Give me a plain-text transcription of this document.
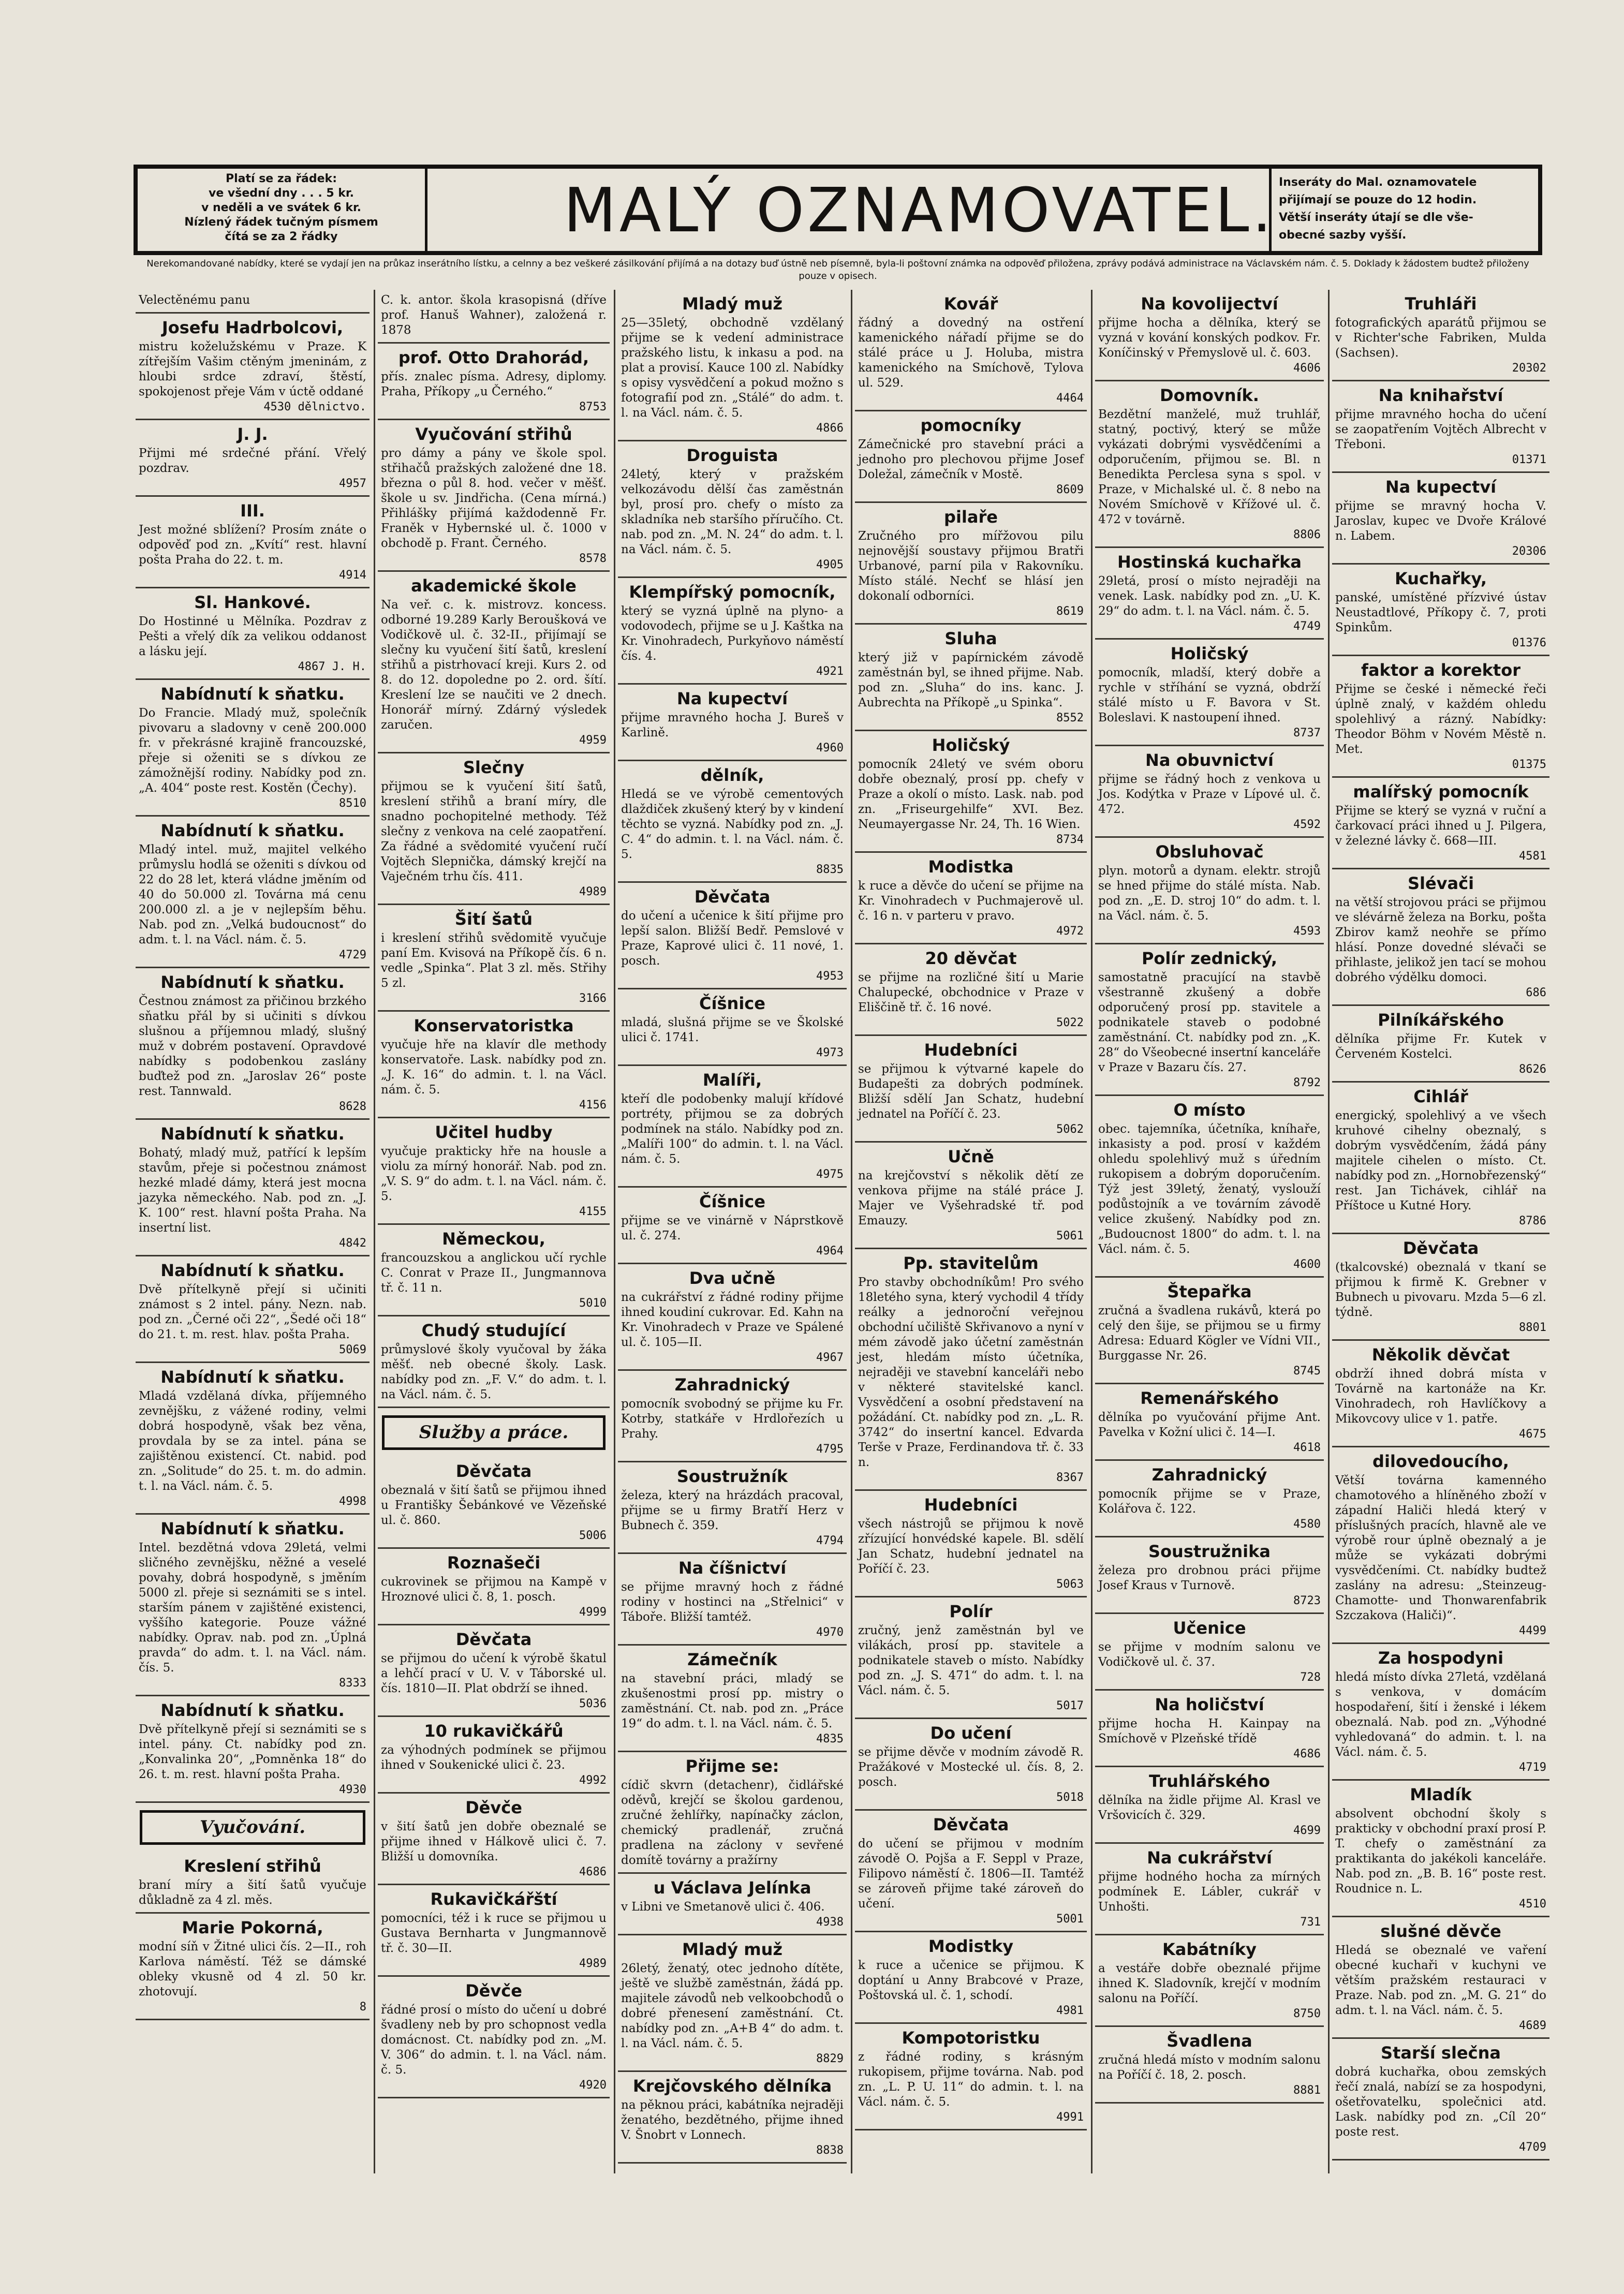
Platí se za řádek:
ve všední dny . . . 5 kr.
v neděli a ve svátek 6 kr.
Nízlený řádek tučným písmem
čítá se za 2 řádky	MALÝ OZNAMOVATEL. Inseráty do Mal. oznamovatele
přijímají se pouze do 12 hodin.
Větší inseráty útají se dle vše-
obecné sazby vyšší.
Nerekomandované nabídky, které se vydají jen na průkaz inserátního lístku, a celnny a bez veškeré zásilkování přijímá a na dotazy buď ústně neb písemně, byla-li poštovní známka na odpověď přiložena, zprávy podává administrace na Václavském nám. č. 5. Doklady k žádostem budtež přiloženy pouze v opisech.
Velectěnému panu
Josefu Hadrbolcovi,
mistru koželužskému v Praze. K zítřejším Vašim ctěným jmeninám, z hloubi srdce zdraví, štěstí, spokojenost přeje Vám v úctě oddané
4530 dělnictvo.
J. J.
Přijmi mé srdečné přání. Vřelý pozdrav.
4957
III.
Jest možné sblížení? Prosím znáte o odpověď pod zn. „Kvítí“ rest. hlavní pošta Praha do 22. t. m.
4914
Sl. Hankové.
Do Hostinné u Mělníka. Pozdrav z Pešti a vřelý dík za velikou oddanost a lásku její.
4867 J. H.
Nabídnutí k sňatku.
Do Francie. Mladý muž, společník pivovaru a sladovny v ceně 200.000 fr. v překrásné krajině francouzské, přeje si oženiti se s dívkou ze zámožnější rodiny. Nabídky pod zn. „A. 404“ poste rest. Kostěn (Čechy).
8510
Nabídnutí k sňatku.
Mladý intel. muž, majitel velkého průmyslu hodlá se oženiti s dívkou od 22 do 28 let, která vládne jměním od 40 do 50.000 zl. Továrna má cenu 200.000 zl. a je v nejlepším běhu. Nab. pod zn. „Velká budoucnost“ do adm. t. l. na Václ. nám. č. 5.
4729
Nabídnutí k sňatku.
Čestnou známost za přičinou brzkého sňatku přál by si učiniti s dívkou slušnou a příjemnou mladý, slušný muž v dobrém postavení. Opravdové nabídky s podobenkou zaslány buďtež pod zn. „Jaroslav 26“ poste rest. Tannwald.
8628
Nabídnutí k sňatku.
Bohatý, mladý muž, patřící k lepším stavům, přeje si počestnou známost hezké mladé dámy, která jest mocna jazyka německého. Nab. pod zn. „J. K. 100“ rest. hlavní pošta Praha. Na insertní list.
4842
Nabídnutí k sňatku.
Dvě přítelkyně přejí si učiniti známost s 2 intel. pány. Nezn. nab. pod zn. „Černé oči 22“, „Šedé oči 18“ do 21. t. m. rest. hlav. pošta Praha.
5069
Nabídnutí k sňatku.
Mladá vzdělaná dívka, příjemného zevnějšku, z vážené rodiny, velmi dobrá hospodyně, však bez věna, provdala by se za intel. pána se zajištěnou existencí. Ct. nabid. pod zn. „Solitude“ do 25. t. m. do admin. t. l. na Václ. nám. č. 5.
4998
Nabídnutí k sňatku.
Intel. bezdětná vdova 29letá, velmi sličného zevnějšku, něžné a veselé povahy, dobrá hospodyně, s jměním 5000 zl. přeje si seznámiti se s intel. starším pánem v zajištěné existenci, vyššího kategorie. Pouze vážné nabídky. Oprav. nab. pod zn. „Úplná pravda“ do adm. t. l. na Václ. nám. čís. 5.
8333
Nabídnutí k sňatku.
Dvě přítelkyně přejí si seznámiti se s intel. pány. Ct. nabídky pod zn. „Konvalinka 20“, „Pomněnka 18“ do 26. t. m. rest. hlavní pošta Praha.
4930
Vyučování.
Kreslení střihů
braní míry a šití šatů vyučuje důkladně za 4 zl. měs.
Marie Pokorná,
modní síň v Žitné ulici čís. 2—II., roh Karlova náměstí. Též se dámské obleky vkusně od 4 zl. 50 kr. zhotovují.
8
C. k. antor. škola krasopisná (dříve prof. Hanuš Wahner), založená r. 1878
prof. Otto Drahorád,
přís. znalec písma. Adresy, diplomy. Praha, Příkopy „u Černého.“
8753
Vyučování střihů
pro dámy a pány ve škole spol. střihačů pražských založené dne 18. března o půl 8. hod. večer v měšť. škole u sv. Jindřicha. (Cena mírná.) Přihlášky přijímá každodenně Fr. Franěk v Hybernské ul. č. 1000 v obchodě p. Frant. Černého.
8578
akademické škole
Na veř. c. k. mistrovz. koncess. odborné 19.289 Karly Beroušková ve Vodičkově ul. č. 32-II., přijímají se slečny ku vyučení šití šatů, kreslení střihů a pistrhovací kreji. Kurs 2. od 8. do 12. dopoledne po 2. ord. šítí. Kreslení lze se naučiti ve 2 dnech. Honorář mírný. Zdárný výsledek zaručen.
4959
Slečny
přijmou se k vyučení šití šatů, kreslení střihů a braní míry, dle snadno pochopitelné methody. Též slečny z venkova na celé zaopatření. Za řádné a svědomité vyučení ručí Vojtěch Slepnička, dámský krejčí na Vaječném trhu čís. 411.
4989
Šití šatů
i kreslení střihů svědomitě vyučuje paní Em. Kvisová na Příkopě čís. 6 n. vedle „Spinka“. Plat 3 zl. měs. Střihy 5 zl.
3166
Konservatoristka
vyučuje hře na klavír dle methody konservatoře. Lask. nabídky pod zn. „J. K. 16“ do admin. t. l. na Václ. nám. č. 5.
4156
Učitel hudby
vyučuje prakticky hře na housle a violu za mírný honorář. Nab. pod zn. „V. S. 9“ do adm. t. l. na Václ. nám. č. 5.
4155
Německou,
francouzskou a anglickou učí rychle C. Conrat v Praze II., Jungmannova tř. č. 11 n.
5010
Chudý studující
průmyslové školy vyučoval by žáka měšť. neb obecné školy. Lask. nabídky pod zn. „F. V.“ do adm. t. l. na Václ. nám. č. 5.
Služby a práce.
Děvčata
obeznalá v šití šatů se přijmou ihned u Františky Šebánkové ve Vězeňské ul. č. 860.
5006
Roznašeči
cukrovinek se přijmou na Kampě v Hroznové ulici č. 8, 1. posch.
4999
Děvčata
se přijmou do učení k výrobě škatul a lehčí prací v U. V. v Táborské ul. čís. 1810—II. Plat obdrží se ihned.
5036
10 rukavičkářů
za výhodných podmínek se přijmou ihned v Soukenické ulici č. 23.
4992
Děvče
v šití šatů jen dobře obeznalé se přijme ihned v Hálkově ulici č. 7. Bližší u domovníka.
4686
Rukavičkářští
pomocníci, též i k ruce se přijmou u Gustava Bernharta v Jungmannově tř. č. 30—II.
4989
Děvče
řádné prosí o místo do učení u dobré švadleny neb by pro schopnost vedla domácnost. Ct. nabídky pod zn. „M. V. 306“ do admin. t. l. na Václ. nám. č. 5.
4920
Mladý muž
25—35letý, obchodně vzdělaný přijme se k vedení administrace pražského listu, k inkasu a pod. na plat a provisí. Kauce 100 zl. Nabídky s opisy vysvědčení a pokud možno s fotografií pod zn. „Stálé“ do adm. t. l. na Václ. nám. č. 5.
4866
Droguista
24letý, který v pražském velkozávodu dělší čas zaměstnán byl, prosí pro. chefy o místo za skladníka neb staršího příručího. Ct. nab. pod zn. „M. N. 24“ do adm. t. l. na Václ. nám. č. 5.
4905
Klempířský pomocník,
který se vyzná úplně na plyno- a vodovodech, přijme se u J. Kaštka na Kr. Vinohradech, Purkyňovo náměstí čís. 4.
4921
Na kupectví
přijme mravného hocha J. Bureš v Karlině.
4960
dělník,
Hledá se ve výrobě cementových dlaždiček zkušený který by v kindení těchto se vyzná. Nabídky pod zn. „J. C. 4“ do admin. t. l. na Václ. nám. č. 5.
8835
Děvčata
do učení a učenice k šití přijme pro lepší salon. Bližší Bedř. Pemslové v Praze, Kaprové ulici č. 11 nové, 1. posch.
4953
Číšnice
mladá, slušná přijme se ve Školské ulici č. 1741.
4973
Malíři,
kteří dle podobenky malují křídové portréty, přijmou se za dobrých podmínek na stálo. Nabídky pod zn. „Malíři 100“ do admin. t. l. na Václ. nám. č. 5.
4975
Číšnice
přijme se ve vinárně v Náprstkově ul. č. 274.
4964
Dva učně
na cukrářství z řádné rodiny přijme ihned koudiní cukrovar. Ed. Kahn na Kr. Vinohradech v Praze ve Spálené ul. č. 105—II.
4967
Zahradnický
pomocník svobodný se přijme ku Fr. Kotrby, statkáře v Hrdlořezích u Prahy.
4795
Soustružník
železa, který na hrázdách pracoval, přijme se u firmy Bratří Herz v Bubnech č. 359.
4794
Na číšnictví
se přijme mravný hoch z řádné rodiny v hostinci na „Střelnici“ v Táboře. Bližší tamtéž.
4970
Zámečník
na stavební práci, mladý se zkušenostmi prosí pp. mistry o zaměstnání. Ct. nab. pod zn. „Práce 19“ do adm. t. l. na Václ. nám. č. 5.
4835
Přijme se:
cídič skvrn (detachenr), čidlářské oděvů, krejčí se školou gardenou, zručné žehlířky, napínačky záclon, chemický pradlenář, zručná pradlena na záclony v sevřené domítě továrny a pražírny
u Václava Jelínka
v Libni ve Smetanově ulici č. 406.
4938
Mladý muž
26letý, ženatý, otec jednoho dítěte, ještě ve službě zaměstnán, žádá pp. majitele závodů neb velkoobchodů o dobré přenesení zaměstnání. Ct. nabídky pod zn. „A+B 4“ do adm. t. l. na Václ. nám. č. 5.
8829
Krejčovského dělníka
na pěknou práci, kabátníka nejraději ženatého, bezdětného, přijme ihned V. Šnobrt v Lonnech.
8838
Kovář
řádný a dovedný na ostření kamenického nářadí přijme se do stálé práce u J. Holuba, mistra kamenického na Smíchově, Tylova ul. 529.
4464
pomocníky
Zámečnické pro stavební práci a jednoho pro plechovou přijme Josef Doležal, zámečník v Mostě.
8609
pilaře
Zručného pro mířžovou pilu nejnovější soustavy přijmou Bratři Urbanové, parní pila v Rakovníku. Místo stálé. Nechť se hlásí jen dokonalí odborníci.
8619
Sluha
který již v papírnickém závodě zaměstnán byl, se ihned přijme. Nab. pod zn. „Sluha“ do ins. kanc. J. Aubrechta na Příkopě „u Spinka“.
8552
Holičský
pomocník 24letý ve svém oboru dobře obeznalý, prosí pp. chefy v Praze a okolí o místo. Lask. nab. pod zn. „Friseurgehilfe“ XVI. Bez. Neumayergasse Nr. 24, Th. 16 Wien.
8734
Modistka
k ruce a děvče do učení se přijme na Kr. Vinohradech v Puchmajerově ul. č. 16 n. v parteru v pravo.
4972
20 děvčat
se přijme na rozličné šití u Marie Chalupecké, obchodnice v Praze v Eliščině tř. č. 16 nové.
5022
Hudebníci
se přijmou k výtvarné kapele do Budapešti za dobrých podmínek. Bližší sdělí Jan Schatz, hudební jednatel na Poříčí č. 23.
5062
Učně
na krejčovství s několik dětí ze venkova přijme na stálé práce J. Majer ve Vyšehradské tř. pod Emauzy.
5061
Pp. stavitelům
Pro stavby obchodníkům! Pro svého 18letého syna, který vychodil 4 třídy reálky a jednoroční veřejnou obchodní učiliště Skřivanovo a nyní v mém závodě jako účetní zaměstnán jest, hledám místo účetníka, nejraději ve stavební kanceláři nebo v některé stavitelské kancl. Vysvědčení a osobní představení na požádání. Ct. nabídky pod zn. „L. R. 3742“ do insertní kancel. Edvarda Terše v Praze, Ferdinandova tř. č. 33 n.
8367
Hudebníci
všech nástrojů se přijmou k nově zřízující honvédské kapele. Bl. sdělí Jan Schatz, hudební jednatel na Poříčí č. 23.
5063
Polír
zručný, jenž zaměstnán byl ve vilákách, prosí pp. stavitele a podnikatele staveb o místo. Nabídky pod zn. „J. S. 471“ do adm. t. l. na Václ. nám. č. 5.
5017
Do učení
se přijme děvče v modním závodě R. Pražákové v Mostecké ul. čís. 8, 2. posch.
5018
Děvčata
do učení se přijmou v modním závodě O. Pojša a F. Seppl v Praze, Filipovo náměstí č. 1806—II. Tamtéž se zároveň přijme také zároveň do učení.
5001
Modistky
k ruce a učenice se přijmou. K doptání u Anny Brabcové v Praze, Poštovská ul. č. 1, schodí.
4981
Kompotoristku
z řádné rodiny, s krásným rukopisem, přijme továrna. Nab. pod zn. „L. P. U. 11“ do admin. t. l. na Václ. nám. č. 5.
4991
Na kovolijectví
přijme hocha a dělníka, který se vyzná v kování konských podkov. Fr. Koníčinský v Přemyslově ul. č. 603.
4606
Domovník.
Bezdětní manželé, muž truhlář, statný, poctivý, který se může vykázati dobrými vysvědčeními a odporučením, přijmou se. Bl. n Benedikta Perclesa syna s spol. v Praze, v Michalské ul. č. 8 nebo na Novém Smíchově v Křížové ul. č. 472 v továrně.
8806
Hostinská kuchařka
29letá, prosí o místo nejraději na venek. Lask. nabídky pod zn. „U. K. 29“ do adm. t. l. na Václ. nám. č. 5.
4749
Holičský
pomocník, mladší, který dobře a rychle v stříhání se vyzná, obdrží stálé místo u F. Bavora v St. Boleslavi. K nastoupení ihned.
8737
Na obuvnictví
přijme se řádný hoch z venkova u Jos. Kodýtka v Praze v Lípové ul. č. 472.
4592
Obsluhovač
plyn. motorů a dynam. elektr. strojů se hned přijme do stálé místa. Nab. pod zn. „E. D. stroj 10“ do adm. t. l. na Václ. nám. č. 5.
4593
Polír zednický,
samostatně pracující na stavbě všestranně zkušený a dobře odporučený prosí pp. stavitele a podnikatele staveb o podobné zaměstnání. Ct. nabídky pod zn. „K. 28“ do Všeobecné insertní kanceláře v Praze v Bazaru čís. 27.
8792
O místo
obec. tajemníka, účetníka, kníhaře, inkasisty a pod. prosí v každém ohledu spolehlivý muž s úředním rukopisem a dobrým doporučením. Týž jest 39letý, ženatý, vyslouží podůstojník a ve továrním závodě velice zkušený. Nabídky pod zn. „Budoucnost 1800“ do adm. t. l. na Václ. nám. č. 5.
4600
Štepařka
zručná a švadlena rukávů, která po celý den šije, se přijmou se u firmy Adresa: Eduard Kögler ve Vídni VII., Burggasse Nr. 26.
8745
Remenářského
dělníka po vyučování přijme Ant. Pavelka v Kožní ulici č. 14—I.
4618
Zahradnický
pomocník přijme se v Praze, Kolářova č. 122.
4580
Soustružnika
železa pro drobnou práci přijme Josef Kraus v Turnově.
8723
Učenice
se přijme v modním salonu ve Vodičkově ul. č. 37.
728
Na holičství
přijme hocha H. Kainpay na Smíchově v Plzeňské třídě
4686
Truhlářského
dělníka na židle přijme Al. Krasl ve Vršovicích č. 329.
4699
Na cukrářství
přijme hodného hocha za mírných podmínek E. Lábler, cukrář v Unhošti.
731
Kabátníky
a vestáře dobře obeznalé přijme ihned K. Sladovník, krejčí v modním salonu na Poříčí.
8750
Švadlena
zručná hledá místo v modním salonu na Poříčí č. 18, 2. posch.
8881
Truhláři
fotografických aparátů přijmou se v Richter'sche Fabriken, Mulda (Sachsen).
20302
Na knihařství
přijme mravného hocha do učení se zaopatřením Vojtěch Albrecht v Třeboni.
01371
Na kupectví
přijme se mravný hocha V. Jaroslav, kupec ve Dvoře Králové n. Labem.
20306
Kuchařky,
panské, umístěné přízvivé ústav Neustadtlové, Příkopy č. 7, proti Spinkům.
01376
faktor a korektor
Přijme se české i německé řeči úplně znalý, v každém ohledu spolehlivý a rázný. Nabídky: Theodor Böhm v Novém Městě n. Met.
01375
malířský pomocník
Přijme se který se vyzná v ruční a čarkovací práci ihned u J. Pilgera, v železné lávky č. 668—III.
4581
Slévači
na větší strojovou práci se přijmou ve slévárně železa na Borku, pošta Zbirov kamž neohře se přímo hlásí. Ponze dovedné slévači se přihlaste, jelikož jen tací se mohou dobrého výdělku domoci.
686
Pilníkářského
dělníka přijme Fr. Kutek v Červeném Kostelci.
8626
Cihlář
energický, spolehlivý a ve všech kruhové cihelny obeznalý, s dobrým vysvědčením, žádá pány majitele cihelen o místo. Ct. nabídky pod zn. „Hornobřezenský“ rest. Jan Tichávek, cihlář na Příštoce u Kutné Hory.
8786
Děvčata
(tkalcovské) obeznalá v tkaní se přijmou k firmě K. Grebner v Bubnech u pivovaru. Mzda 5—6 zl. týdně.
8801
Několik děvčat
obdrží ihned dobrá místa v Továrně na kartonáže na Kr. Vinohradech, roh Havlíčkovy a Mikovcovy ulice v 1. patře.
4675
dilovedoucího,
Větší továrna kamenného chamotového a hlíněného zboží v západní Haliči hledá který v příslušných pracích, hlavně ale ve výrobě rour úplně obeznalý a je může se vykázati dobrými vysvědčeními. Ct. nabídky budtež zaslány na adresu: „Steinzeug-Chamotte- und Thonwarenfabrik Szczakova (Haliči)“.
4499
Za hospodyni
hledá místo dívka 27letá, vzdělaná s venkova, v domácím hospodaření, šití i ženské i lékem obeznalá. Nab. pod zn. „Výhodné vyhledovaná“ do admin. t. l. na Václ. nám. č. 5.
4719
Mladík
absolvent obchodní školy s prakticky v obchodní praxí prosí P. T. chefy o zaměstnání za praktikanta do jakékoli kanceláře. Nab. pod zn. „B. B. 16“ poste rest. Roudnice n. L.
4510
slušné děvče
Hledá se obeznalé ve vaření obecné kuchaři v kuchyni ve větším pražském restauraci v Praze. Nab. pod zn. „M. G. 21“ do adm. t. l. na Václ. nám. č. 5.
4689
Starší slečna
dobrá kuchařka, obou zemských řečí znalá, nabízí se za hospodyni, ošetřovatelku, společnici atd. Lask. nabídky pod zn. „Cíl 20“ poste rest.
4709
